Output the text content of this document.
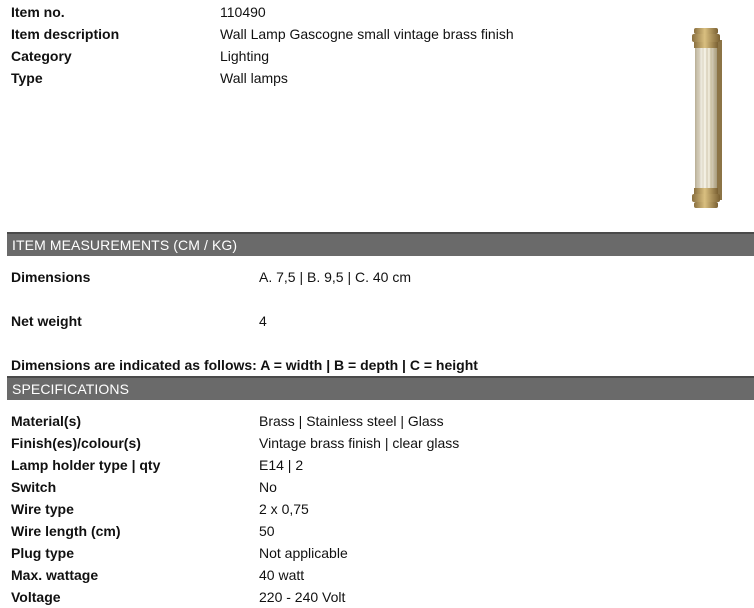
Item no.	110490
Item description	Wall Lamp Gascogne small vintage brass finish
Category	Lighting
Type	Wall lamps
ITEM MEASUREMENTS (CM / KG)
Dimensions	A. 7,5 | B. 9,5 | C. 40 cm
Net weight	4
Dimensions are indicated as follows: A = width | B = depth | C = height
SPECIFICATIONS
Material(s)	Brass | Stainless steel | Glass
Finish(es)/colour(s)	Vintage brass finish | clear glass
Lamp holder type | qty	E14 | 2
Switch	No
Wire type	2 x 0,75
Wire length (cm)	50
Plug type	Not applicable
Max. wattage	40 watt
Voltage	220 - 240 Volt
